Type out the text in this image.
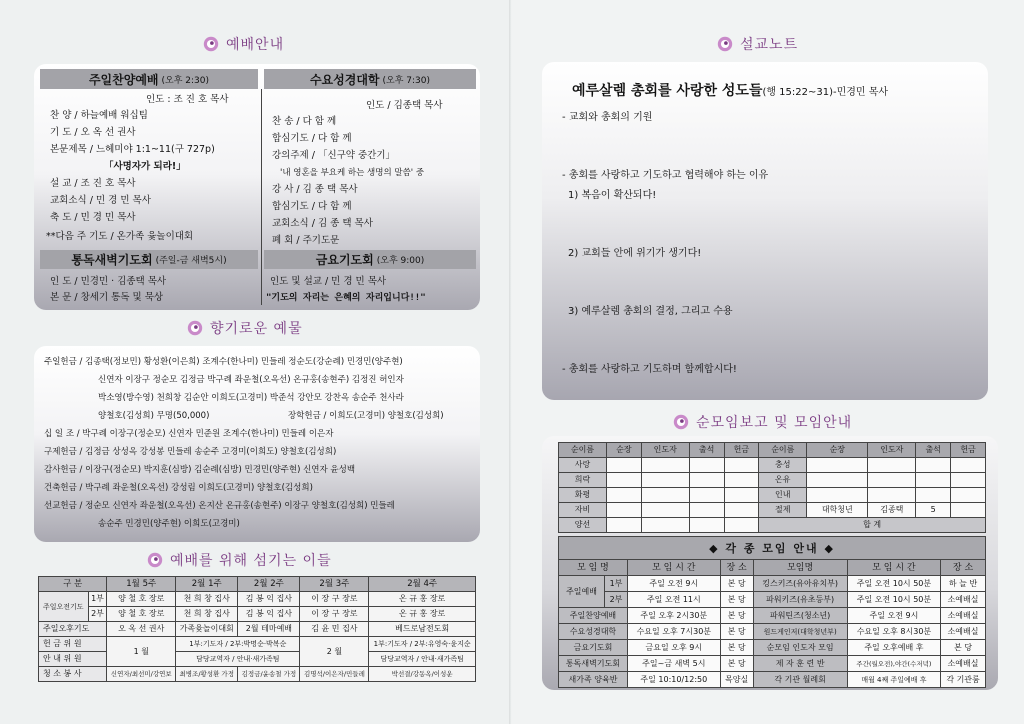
예배안내
주일찬양예배 (오후 2:30)	수요성경대학 (오후 7:30)
인도 : 조 진 호 목사
찬 양 / 하늘예배 워십팀
기 도 / 오 옥 선 권사
본문제목 / 느헤미야 1:1~11(구 727p)
「사명자가 되라!」
설 교 / 조 진 호 목사
교회소식 / 민 경 민 목사
축 도 / 민 경 민 목사
**다음 주 기도 / 온가족 윷놀이대회
인도 / 김종택 목사
찬 송 / 다 함 께
합심기도 / 다 함 께
강의주제 / 「신구약 중간기」
'내 영혼을 부요케 하는 생명의 말씀' 중
강 사 / 김 종 택 목사
합심기도 / 다 함 께
교회소식 / 김 종 택 목사
폐 회 / 주기도문
통독새벽기도회 (주일-금 새벽5시)	금요기도회 (오후 9:00)
인 도 / 민경민 · 김종택 목사
본 문 / 창세기 통독 및 묵상
인도 및 설교 / 민 경 민 목사
"기도의 자리는 은혜의 자리입니다!!"
향기로운 예물
주일헌금 / 김종택(정보민) 황성환(이은희) 조계수(한나미) 민들레 정순도(강순례) 민경민(양주현)
신연자 이장구 정순모 김정금 박구례 좌운철(오옥선) 온규홍(송현주) 김정진 허인자
박소영(방수영) 천희창 김순안 이희도(고경미) 박준석 강안모 강찬옥 송순주 천사라
양철호(김성희) 무명(50,000)	장학헌금 / 이희도(고경미) 양철호(김성희)
십 일 조 / 박구례 이장구(정순모) 신연자 민준원 조계수(한나미) 민들레 이은자
구제헌금 / 김정금 상성옥 강성봉 민들레 송순주 고경미(이희도) 양철호(김성희)
감사헌금 / 이장구(정순모) 박지훈(심방) 김순례(심방) 민경민(양주현) 신연자 윤성백
건축헌금 / 박구례 좌운철(오옥선) 강성림 이희도(고경미) 양철호(김성희)
선교헌금 / 정순모 신연자 좌운철(오옥선) 온지산 온규홍(송현주) 이장구 양철호(김성희) 민들레
송순주 민경민(양주현) 이희도(고경미)
예배를 위해 섬기는 이들
구 분		1월 5주	2월 1주	2월 2주	2월 3주	2월 4주
주일오전기도	1부	양 철 호 장로	천 희 창 집사	김 봉 익 집사	이 장 구 장로	온 규 홍 장로
	2부	양 철 호 장로	천 희 창 집사	김 봉 익 집사	이 장 구 장로	온 규 홍 장로
주일오후기도		오 옥 선 권사	가족윷놀이대회	2월 테마예배	김 윤 민 집사	베드로남전도회
헌 금 위 원		1 월	1부:기도자 / 2부:박명순·박복순		2 월	1부:기도자 / 2부:유영숙·윤지순
안 내 위 원			담당교역자 / 안내·새가족팀			담당교역자 / 안내·새가족팀
청 소 봉 사		신연자/최선미/강연보	최병조/황성환 가정	김정금/윤송철 가정	김명석/이은자/민들레	박선결/강동옥/이성운
설교노트
예루살렘 총회를 사랑한 성도들(행 15:22~31)-민경민 목사
- 교회와 총회의 기원
- 총회를 사랑하고 기도하고 협력해야 하는 이유
1) 복음이 확산되다!
2) 교회들 안에 위기가 생기다!
3) 예루살렘 총회의 결정, 그리고 수용
- 총회를 사랑하고 기도하며 함께합시다!
순모임보고 및 모임안내
순이름	순장	인도자	출석	헌금	순이름	순장	인도자	출석	헌금
사랑					충성				
희락					온유				
화평					인내				
자비					절제	대학청년	김종택	5	
양선					합 계				
◆ 각 종 모임 안내 ◆
모 임 명		모 임 시 간	장 소	모임명	모 임 시 간	장 소
주일예배	1부	주일 오전 9시	본 당	킹스키즈(유아유치부)	주일 오전 10시 50분	하 늘 반
	2부	주일 오전 11시	본 당	파워키즈(유초등부)	주일 오전 10시 50분	소예배실
주일찬양예배		주일 오후 2시30분	본 당	파워틴즈(청소년)	주일 오전 9시	소예배실
수요성경대학		수요일 오후 7시30분	본 당	원드게인저(대학청년부)	수요일 오후 8시30분	소예배실
금요기도회		금요일 오후 9시	본 당	순모임 인도자 모임	주일 오후예배 후	본 당
통독새벽기도회		주일~금 새벽 5시	본 당	제 자 훈 련 반	주간(월오전),야간(수저녁)	소예배실
새가족 양육반		주일 10:10/12:50	목양실	각 기관 월례회	매월 4째 주일예배 후	각 기관룸
